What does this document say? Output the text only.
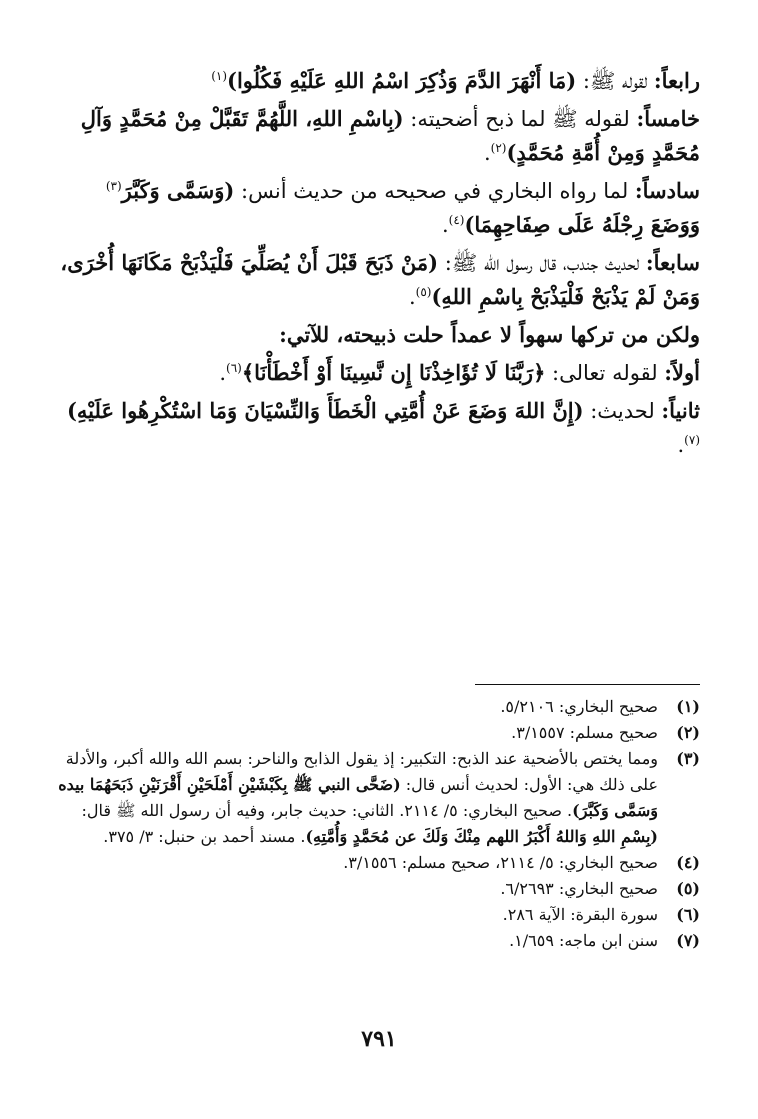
رابعاً: لقوله ﷺ: (مَا أَنْهَرَ الدَّمَ وَذُكِرَ اسْمُ اللهِ عَلَيْهِ فَكُلُوا)$^{(١)}$

خامساً: لقوله ﷺ لما ذبح أضحيته: (بِاسْمِ اللهِ، اللَّهُمَّ تَقَبَّلْ مِنْ مُحَمَّدٍ وَآلِ مُحَمَّدٍ وَمِنْ أُمَّةِ مُحَمَّدٍ)$^{(٢)}$.

سادساً: لما رواه البخاري في صحيحه من حديث أنس: (وَسَمَّى وَكَبَّرَ$^{(٣)}$ وَوَضَعَ رِجْلَهُ عَلَى صِفَاحِهِمَا)$^{(٤)}$.

سابعاً: لحديث جندب، قال رسول الله ﷺ: (مَنْ ذَبَحَ قَبْلَ أَنْ يُصَلِّيَ فَلْيَذْبَحْ مَكَانَهَا أُخْرَى، وَمَنْ لَمْ يَذْبَحْ فَلْيَذْبَحْ بِاسْمِ اللهِ)$^{(٥)}$.

ولكن من تركها سهواً لا عمداً حلت ذبيحته، للآتي:

أولاً: لقوله تعالى: ﴿رَبَّنَا لَا تُؤَاخِذْنَا إِن نَّسِينَا أَوْ أَخْطَأْنَا﴾$^{(٦)}$.

ثانياً: لحديث: (إِنَّ اللهَ وَضَعَ عَنْ أُمَّتِي الْخَطَأَ وَالنِّسْيَانَ وَمَا اسْتُكْرِهُوا عَلَيْهِ)$^{(٧)}$.

(١)
صحيح البخاري: ٥/٢١٠٦.
(٢)
صحيح مسلم: ٣/١٥٥٧.
(٣)
ومما يختص بالأضحية عند الذبح: التكبير: إذ يقول الذابح والناحر: بسم الله والله أكبر، والأدلة على ذلك هي: الأول: لحديث أنس قال: (ضَحَّى النبي ﷺ بِكَبْشَيْنِ أَمْلَحَيْنِ أَقْرَنَيْنِ ذَبَحَهُمَا بيده وَسَمَّى وَكَبَّرَ). صحيح البخاري: ٥/ ٢١١٤. الثاني: حديث جابر، وفيه أن رسول الله ﷺ قال: (بِسْمِ اللهِ وَاللهُ أَكْبَرُ اللهم مِنْكَ وَلَكَ عن مُحَمَّدٍ وَأُمَّتِهِ). مسند أحمد بن حنبل: ٣/ ٣٧٥.
(٤)
صحيح البخاري: ٥/ ٢١١٤، صحيح مسلم: ٣/١٥٥٦.
(٥)
صحيح البخاري: ٦/٢٦٩٣.
(٦)
سورة البقرة: الآية ٢٨٦.
(٧)
سنن ابن ماجه: ١/٦٥٩.
٧٩١
